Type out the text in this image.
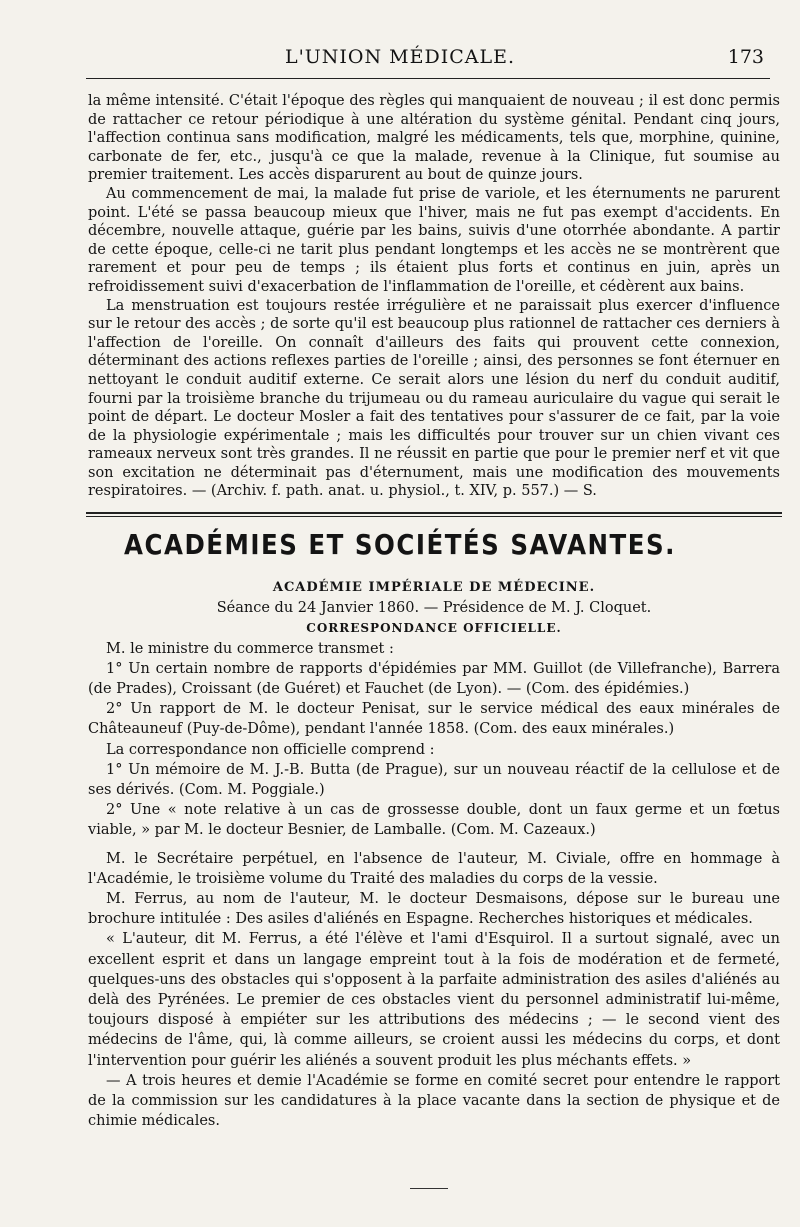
L'UNION MÉDICALE.	173

la même intensité. C'était l'époque des règles qui manquaient de nouveau ; il est donc permis de rattacher ce retour périodique à une altération du système génital. Pendant cinq jours, l'affection continua sans modification, malgré les médicaments, tels que, morphine, quinine, carbonate de fer, etc., jusqu'à ce que la malade, revenue à la Clinique, fut soumise au premier traitement. Les accès disparurent au bout de quinze jours.

Au commencement de mai, la malade fut prise de variole, et les éternuments ne parurent point. L'été se passa beaucoup mieux que l'hiver, mais ne fut pas exempt d'accidents. En décembre, nouvelle attaque, guérie par les bains, suivis d'une otorrhée abondante. A partir de cette époque, celle-ci ne tarit plus pendant longtemps et les accès ne se montrèrent que rarement et pour peu de temps ; ils étaient plus forts et continus en juin, après un refroidissement suivi d'exacerbation de l'inflammation de l'oreille, et cédèrent aux bains.

La menstruation est toujours restée irrégulière et ne paraissait plus exercer d'influence sur le retour des accès ; de sorte qu'il est beaucoup plus rationnel de rattacher ces derniers à l'affection de l'oreille. On connaît d'ailleurs des faits qui prouvent cette connexion, déterminant des actions reflexes parties de l'oreille ; ainsi, des personnes se font éternuer en nettoyant le conduit auditif externe. Ce serait alors une lésion du nerf du conduit auditif, fourni par la troisième branche du trijumeau ou du rameau auriculaire du vague qui serait le point de départ. Le docteur Mosler a fait des tentatives pour s'assurer de ce fait, par la voie de la physiologie expérimentale ; mais les difficultés pour trouver sur un chien vivant ces rameaux nerveux sont très grandes. Il ne réussit en partie que pour le premier nerf et vit que son excitation ne déterminait pas d'éternument, mais une modification des mouvements respiratoires. — (Archiv. f. path. anat. u. physiol., t. XIV, p. 557.) — S.

ACADÉMIES ET SOCIÉTÉS SAVANTES.

ACADÉMIE IMPÉRIALE DE MÉDECINE.

Séance du 24 Janvier 1860. — Présidence de M. J. Cloquet.

CORRESPONDANCE OFFICIELLE.

M. le ministre du commerce transmet :

1° Un certain nombre de rapports d'épidémies par MM. Guillot (de Villefranche), Barrera (de Prades), Croissant (de Guéret) et Fauchet (de Lyon). — (Com. des épidémies.)

2° Un rapport de M. le docteur Penisat, sur le service médical des eaux minérales de Châteauneuf (Puy-de-Dôme), pendant l'année 1858. (Com. des eaux minérales.)

La correspondance non officielle comprend :

1° Un mémoire de M. J.-B. Butta (de Prague), sur un nouveau réactif de la cellulose et de ses dérivés. (Com. M. Poggiale.)

2° Une « note relative à un cas de grossesse double, dont un faux germe et un fœtus viable, » par M. le docteur Besnier, de Lamballe. (Com. M. Cazeaux.)

M. le Secrétaire perpétuel, en l'absence de l'auteur, M. Civiale, offre en hommage à l'Académie, le troisième volume du Traité des maladies du corps de la vessie.

M. Ferrus, au nom de l'auteur, M. le docteur Desmaisons, dépose sur le bureau une brochure intitulée : Des asiles d'aliénés en Espagne. Recherches historiques et médicales.

« L'auteur, dit M. Ferrus, a été l'élève et l'ami d'Esquirol. Il a surtout signalé, avec un excellent esprit et dans un langage empreint tout à la fois de modération et de fermeté, quelques-uns des obstacles qui s'opposent à la parfaite administration des asiles d'aliénés au delà des Pyrénées. Le premier de ces obstacles vient du personnel administratif lui-même, toujours disposé à empiéter sur les attributions des médecins ; — le second vient des médecins de l'âme, qui, là comme ailleurs, se croient aussi les médecins du corps, et dont l'intervention pour guérir les aliénés a souvent produit les plus méchants effets. »

— A trois heures et demie l'Académie se forme en comité secret pour entendre le rapport de la commission sur les candidatures à la place vacante dans la section de physique et de chimie médicales.
